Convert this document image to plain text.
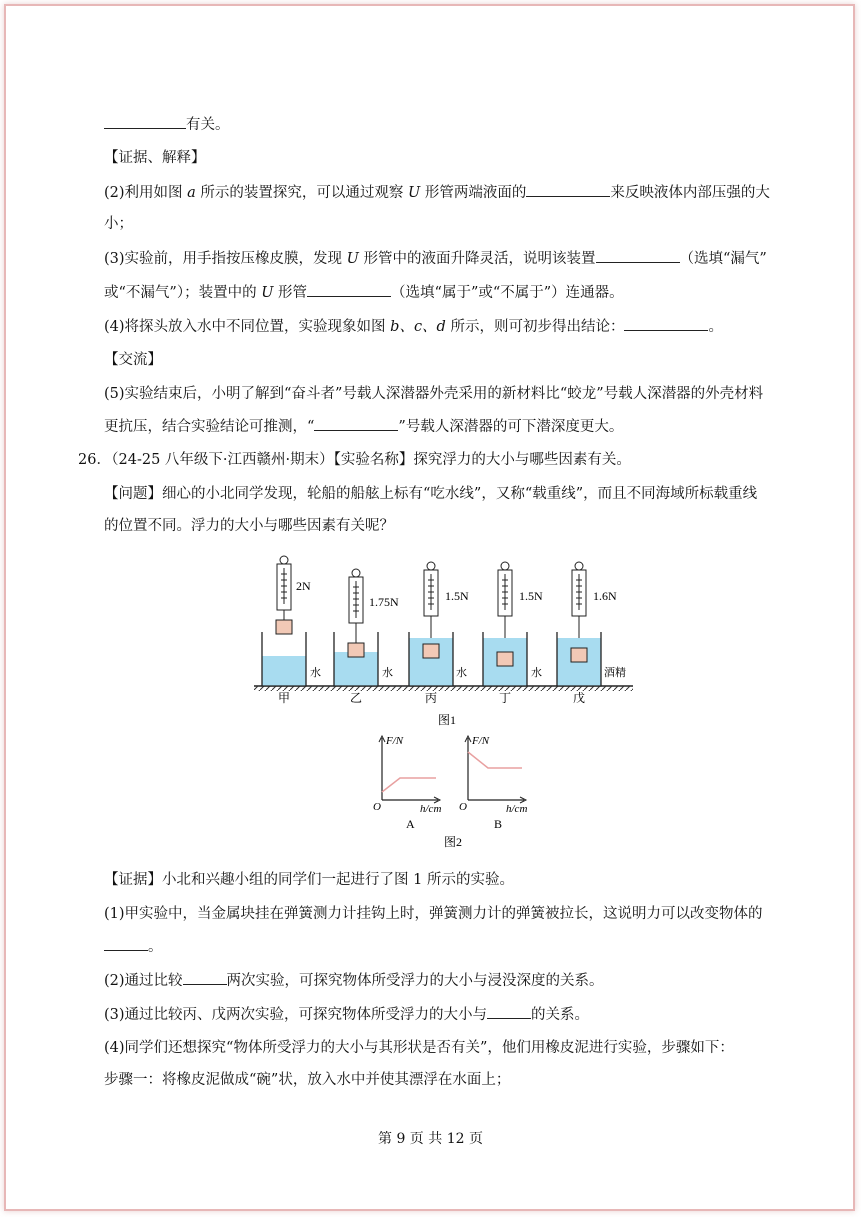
有关。
【证据、解释】
(2)利用如图 a 所示的装置探究，可以通过观察 U 形管两端液面的	来反映液体内部压强的大
小；
(3)实验前，用手指按压橡皮膜，发现 U 形管中的液面升降灵活，说明该装置	（选填“漏气”
或“不漏气”）；装置中的 U 形管	（选填“属于”或“不属于”）连通器。
(4)将探头放入水中不同位置，实验现象如图 b、c、d 所示，则可初步得出结论：	。
【交流】
(5)实验结束后，小明了解到“奋斗者”号载人深潜器外壳采用的新材料比“蛟龙”号载人深潜器的外壳材料
更抗压，结合实验结论可推测，“	”号载人深潜器的可下潜深度更大。
26．
（24-25 八年级下·江西赣州·期末）【实验名称】探究浮力的大小与哪些因素有关。
【问题】细心的小北同学发现，轮船的船舷上标有“吃水线”，又称“载重线”，而且不同海域所标载重线
的位置不同。浮力的大小与哪些因素有关呢？
2N
甲
水
1.75N
乙
水
1.5N
丙
水
1.5N
丁
水
1.6N
戊
酒精
图1
F/N
h/cm
O
A
F/N
h/cm
O
B
图2
【证据】小北和兴趣小组的同学们一起进行了图 1 所示的实验。
(1)甲实验中，当金属块挂在弹簧测力计挂钩上时，弹簧测力计的弹簧被拉长，这说明力可以改变物体的
。
(2)通过比较	两次实验，可探究物体所受浮力的大小与浸没深度的关系。
(3)通过比较丙、戊两次实验，可探究物体所受浮力的大小与	的关系。
(4)同学们还想探究“物体所受浮力的大小与其形状是否有关”，他们用橡皮泥进行实验，步骤如下：
步骤一：将橡皮泥做成“碗”状，放入水中并使其漂浮在水面上；
第 9 页 共 12 页
